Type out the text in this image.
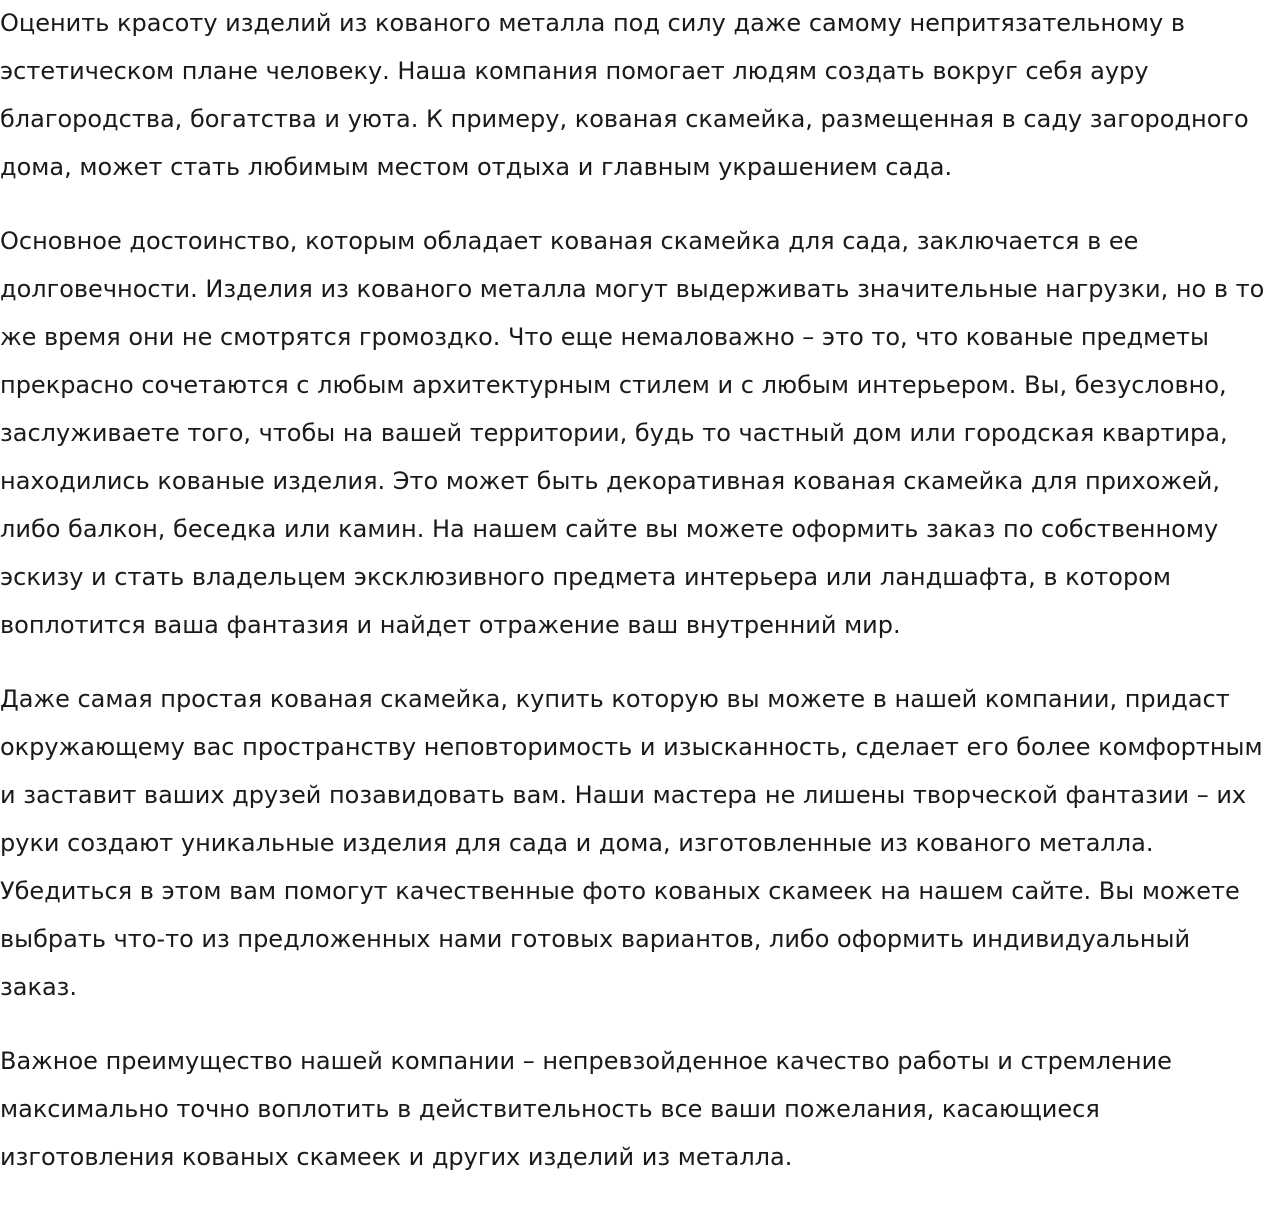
Оценить красоту изделий из кованого металла под силу даже самому непритязательному в эстетическом плане человеку. Наша компания помогает людям создать вокруг себя ауру благородства, богатства и уюта. К примеру, кованая скамейка, размещенная в саду загородного дома, может стать любимым местом отдыха и главным украшением сада.

Основное достоинство, которым обладает кованая скамейка для сада, заключается в ее долговечности. Изделия из кованого металла могут выдерживать значительные нагрузки, но в то же время они не смотрятся громоздко. Что еще немаловажно – это то, что кованые предметы прекрасно сочетаются с любым архитектурным стилем и с любым интерьером. Вы, безусловно, заслуживаете того, чтобы на вашей территории, будь то частный дом или городская квартира, находились кованые изделия. Это может быть декоративная кованая скамейка для прихожей, либо балкон, беседка или камин. На нашем сайте вы можете оформить заказ по собственному эскизу и стать владельцем эксклюзивного предмета интерьера или ландшафта, в котором воплотится ваша фантазия и найдет отражение ваш внутренний мир.

Даже самая простая кованая скамейка, купить которую вы можете в нашей компании, придаст окружающему вас пространству неповторимость и изысканность, сделает его более комфортным и заставит ваших друзей позавидовать вам. Наши мастера не лишены творческой фантазии – их руки создают уникальные изделия для сада и дома, изготовленные из кованого металла. Убедиться в этом вам помогут качественные фото кованых скамеек на нашем сайте. Вы можете выбрать что-то из предложенных нами готовых вариантов, либо оформить индивидуальный заказ.

Важное преимущество нашей компании – непревзойденное качество работы и стремление максимально точно воплотить в действительность все ваши пожелания, касающиеся изготовления кованых скамеек и других изделий из металла.
